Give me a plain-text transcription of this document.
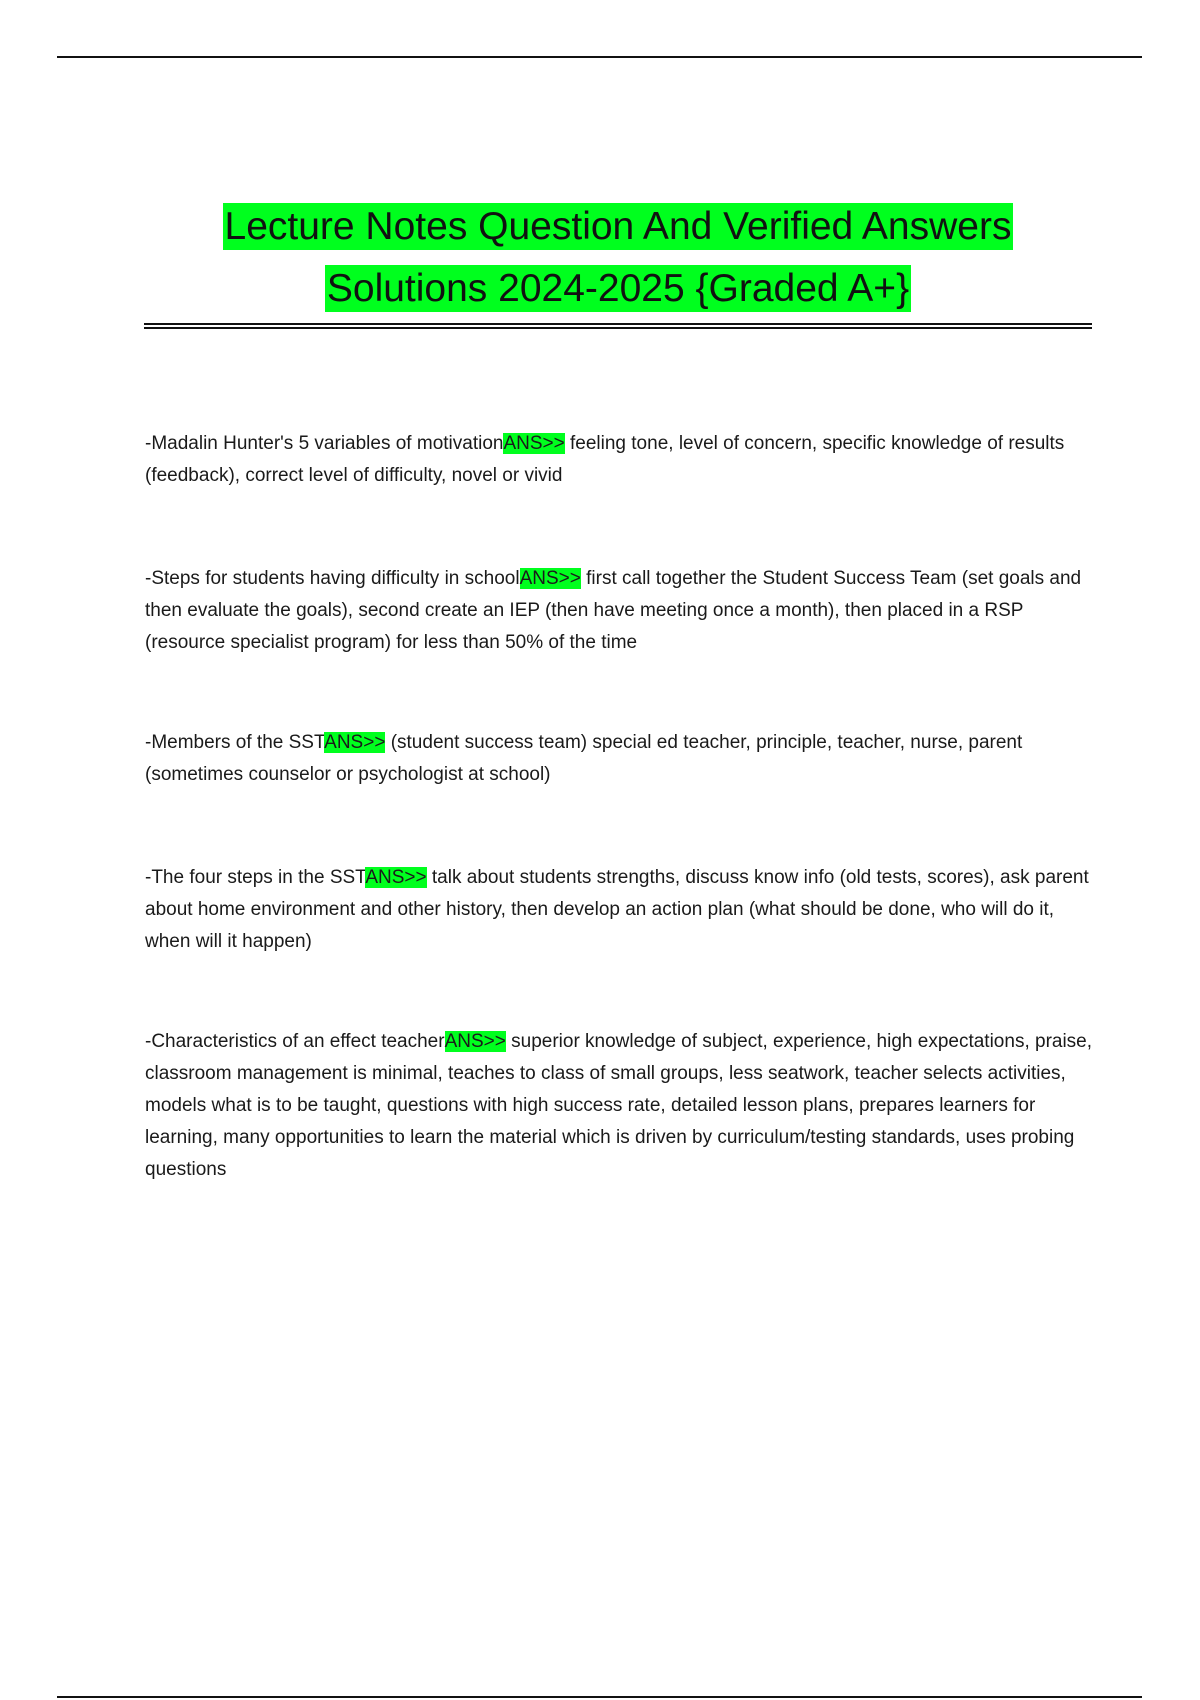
Lecture Notes Question And Verified Answers
Solutions 2024-2025 {Graded A+}

-Madalin Hunter's 5 variables of motivationANS>> feeling tone, level of concern, specific knowledge of results (feedback), correct level of difficulty, novel or vivid

-Steps for students having difficulty in schoolANS>> first call together the Student Success Team (set goals and then evaluate the goals), second create an IEP (then have meeting once a month), then placed in a RSP (resource specialist program) for less than 50% of the time

-Members of the SSTANS>> (student success team) special ed teacher, principle, teacher, nurse, parent (sometimes counselor or psychologist at school)

-The four steps in the SSTANS>> talk about students strengths, discuss know info (old tests, scores), ask parent about home environment and other history, then develop an action plan (what should be done, who will do it, when will it happen)

-Characteristics of an effect teacherANS>> superior knowledge of subject, experience, high expectations, praise, classroom management is minimal, teaches to class of small groups, less seatwork, teacher selects activities, models what is to be taught, questions with high success rate, detailed lesson plans, prepares learners for learning, many opportunities to learn the material which is driven by curriculum/testing standards, uses probing questions
